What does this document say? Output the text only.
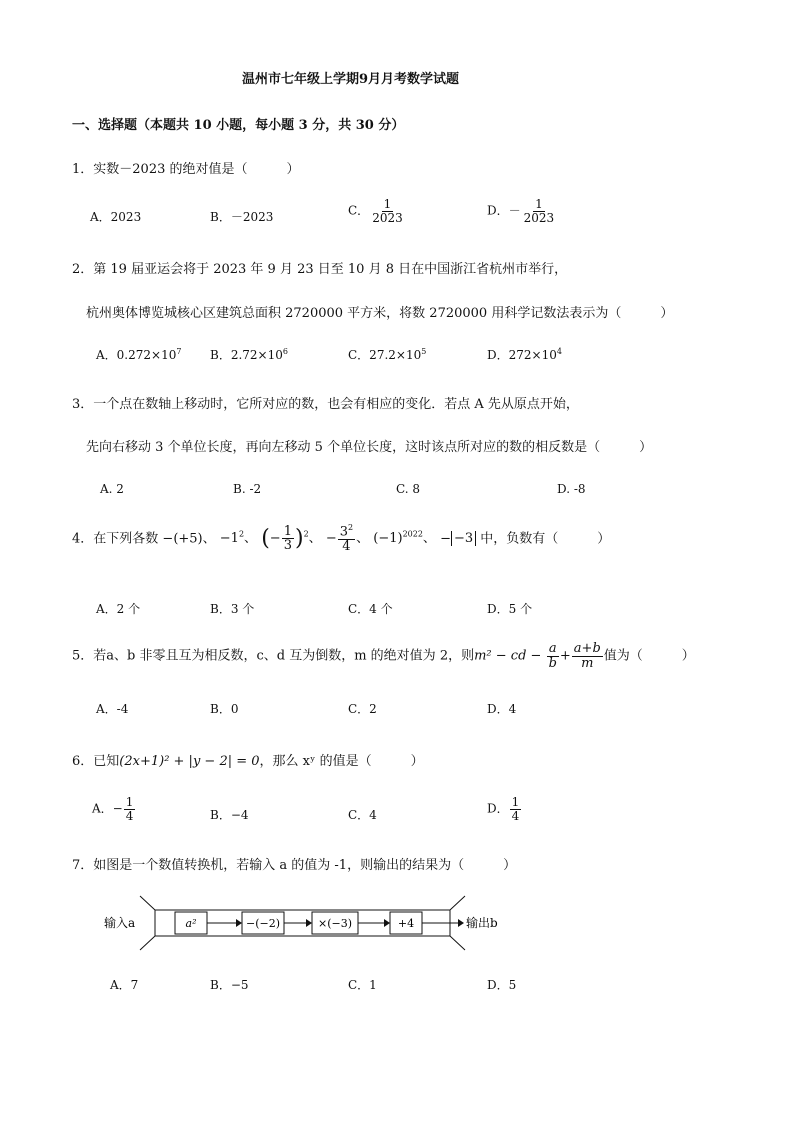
温州市七年级上学期9月月考数学试题
一、选择题（本题共 10 小题，每小题 3 分，共 30 分）
1．实数－2023 的绝对值是（　　　）
A．2023	B．－2023	C． $\frac{1}{2023}$	D．－ $\frac{1}{2023}$
2．第 19 届亚运会将于 2023 年 9 月 23 日至 10 月 8 日在中国浙江省杭州市举行，
杭州奥体博览城核心区建筑总面积 2720000 平方米，将数 2720000 用科学记数法表示为（　　　）
A．$0.272\times 10^7$ B．$2.72\times 10^6$	C．$27.2\times 10^5$	D．$272\times 10^4$
3．一个点在数轴上移动时，它所对应的数，也会有相应的变化．若点 A 先从原点开始，
先向右移动 3 个单位长度，再向左移动 5 个单位长度，这时该点所对应的数的相反数是（　　　）
A. 2	B. -2	C. 8	D. -8
4．在下列各数 −(+5)、 $-1^2$、 (− $\frac{1}{3} )^2$、 − $\frac{3^2}{4}$ 、 $(-1)^{2022}$、 − −3 中，负数有（　　　）
A．2 个	B．3 个	C．4 个	D．5 个
5．若a、b 非零且互为相反数，c、d 互为倒数，m 的绝对值为 2，则m² − cd − $\frac{a}{b} + \frac{a+b}{m}$ 值为（　　　）
A．-4	B．0	C．2	D．4
6．已知(2x+1)² + |y − 2| = 0，那么 xʸ 的值是（　　　）
A．− $\frac{1}{4}$	B．−4	C．4	D． $\frac{1}{4}$
7．如图是一个数值转换机，若输入 a 的值为 -1，则输出的结果为（　　　）
输入a	a²	−(−2)	×(−3)	+4	输出b
A．7	B．−5	C．1	D．5
